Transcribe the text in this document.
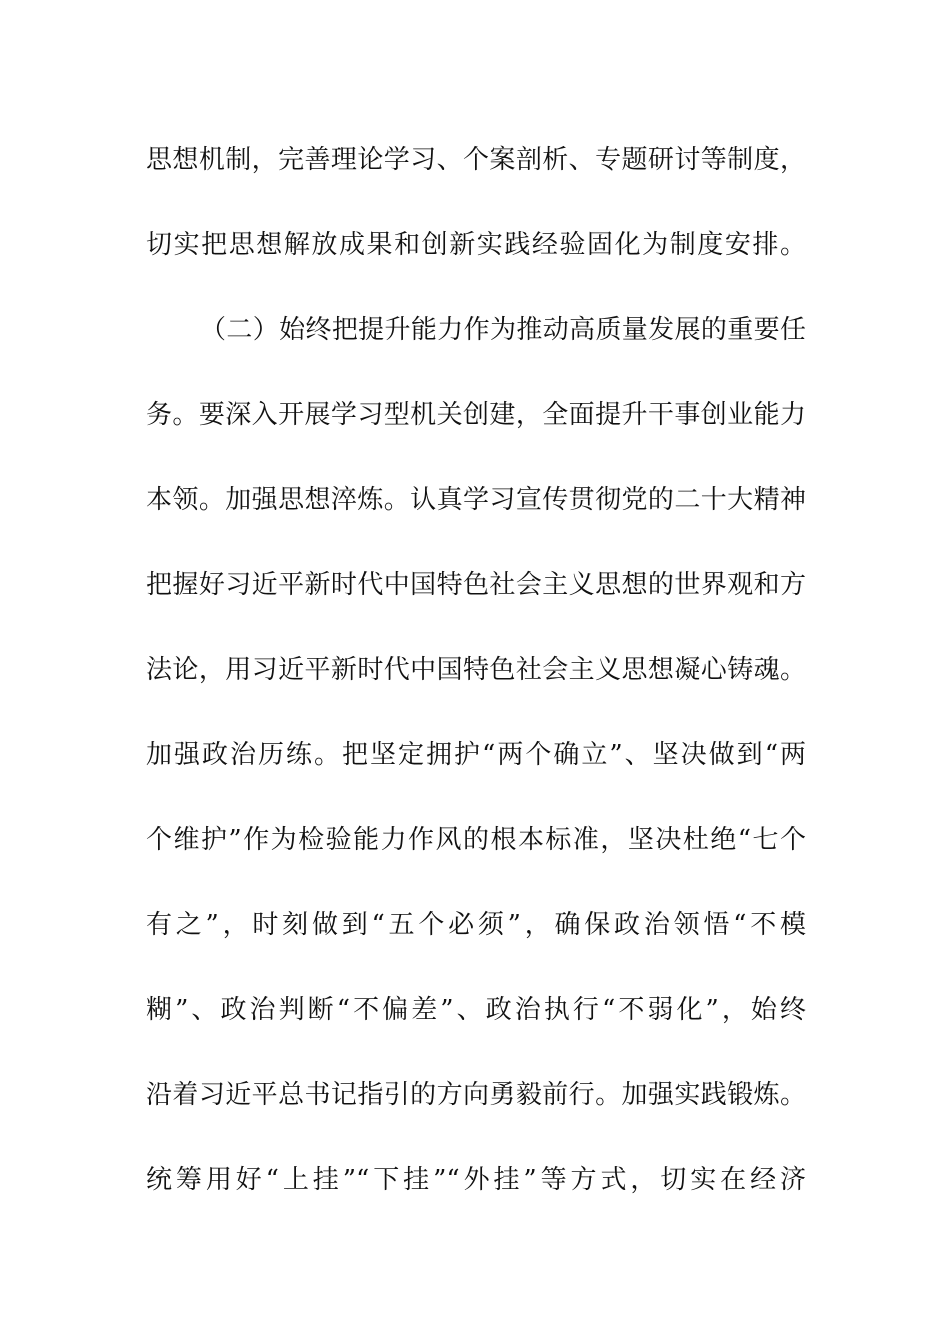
思想机制，完善理论学习、个案剖析、专题研讨等制度，
切实把思想解放成果和创新实践经验固化为制度安排。
（二）始终把提升能力作为推动高质量发展的重要任
务。要深入开展学习型机关创建，全面提升干事创业能力
本领。加强思想淬炼。认真学习宣传贯彻党的二十大精神
把握好习近平新时代中国特色社会主义思想的世界观和方
法论，用习近平新时代中国特色社会主义思想凝心铸魂。
加强政治历练。把坚定拥护“两个确立”、坚决做到“两
个维护”作为检验能力作风的根本标准，坚决杜绝“七个
有之”，时刻做到“五个必须”，确保政治领悟“不模
糊”、政治判断“不偏差”、政治执行“不弱化”，始终
沿着习近平总书记指引的方向勇毅前行。加强实践锻炼。
统筹用好“上挂”“下挂”“外挂”等方式，切实在经济
